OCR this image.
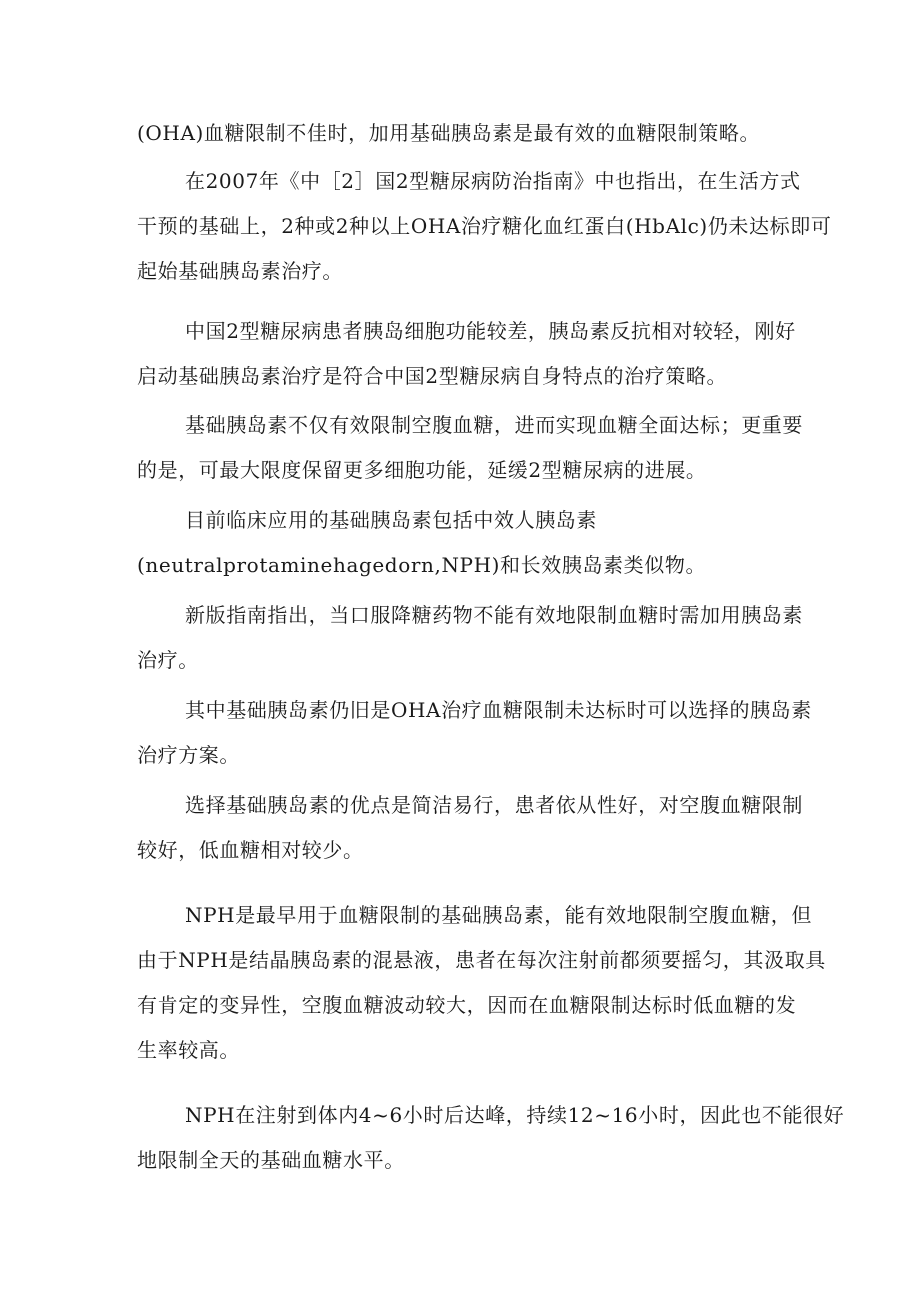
(OHA)血糖限制不佳时，加用基础胰岛素是最有效的血糖限制策略。

在2007年《中［2］国2型糖尿病防治指南》中也指出，在生活方式
干预的基础上，2种或2种以上OHA治疗糖化血红蛋白(HbAlc)仍未达标即可
起始基础胰岛素治疗。

中国2型糖尿病患者胰岛细胞功能较差，胰岛素反抗相对较轻，刚好
启动基础胰岛素治疗是符合中国2型糖尿病自身特点的治疗策略。

基础胰岛素不仅有效限制空腹血糖，进而实现血糖全面达标；更重要
的是，可最大限度保留更多细胞功能，延缓2型糖尿病的进展。

目前临床应用的基础胰岛素包括中效人胰岛素
(neutralprotaminehagedorn,NPH)和长效胰岛素类似物。

新版指南指出，当口服降糖药物不能有效地限制血糖时需加用胰岛素
治疗。

其中基础胰岛素仍旧是OHA治疗血糖限制未达标时可以选择的胰岛素
治疗方案。

选择基础胰岛素的优点是简洁易行，患者依从性好，对空腹血糖限制
较好，低血糖相对较少。

NPH是最早用于血糖限制的基础胰岛素，能有效地限制空腹血糖，但
由于NPH是结晶胰岛素的混悬液，患者在每次注射前都须要摇匀，其汲取具
有肯定的变异性，空腹血糖波动较大，因而在血糖限制达标时低血糖的发
生率较高。

NPH在注射到体内4~6小时后达峰，持续12~16小时，因此也不能很好
地限制全天的基础血糖水平。
